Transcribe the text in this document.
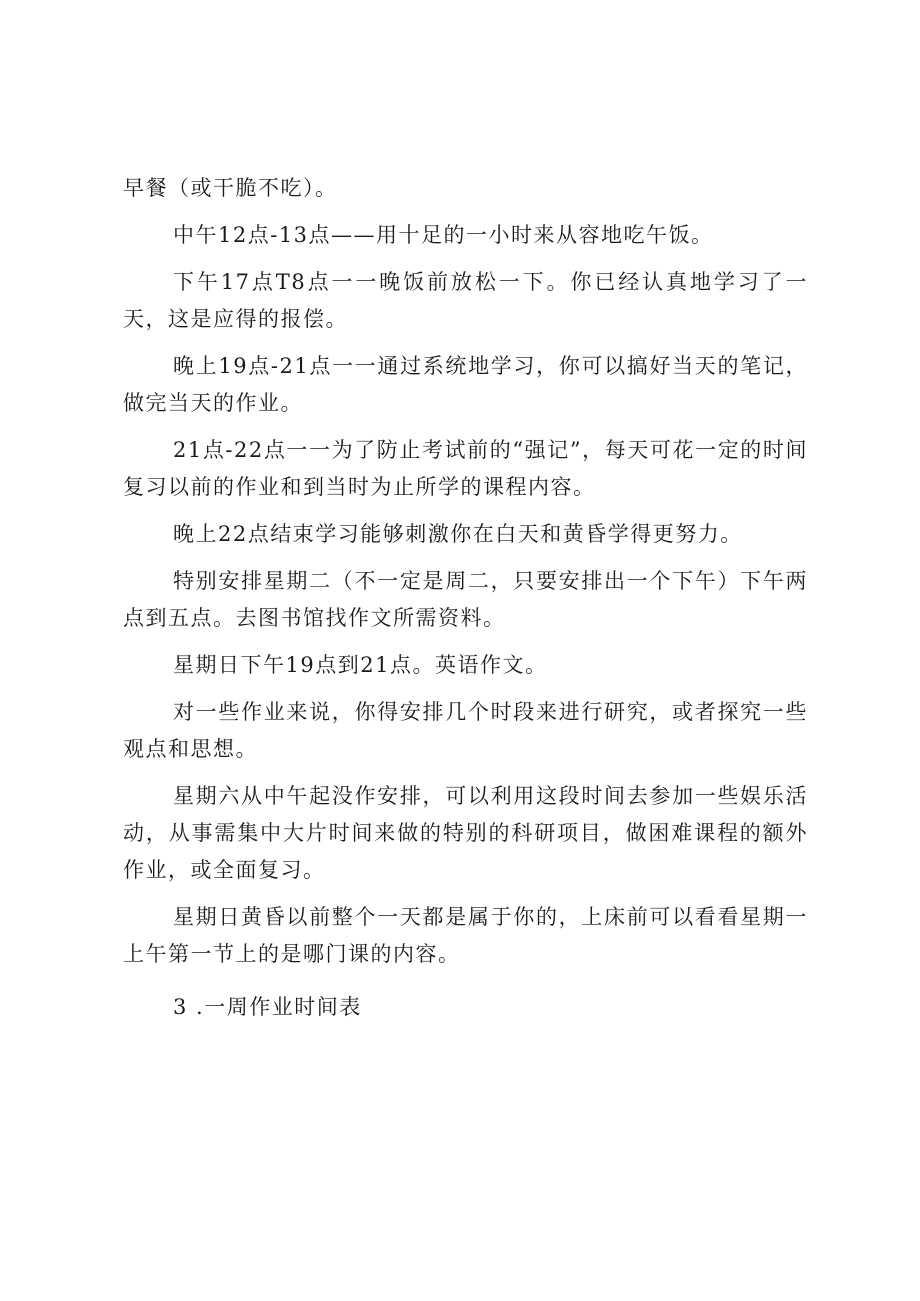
早餐（或干脆不吃）。

中午12点-13点——用十足的一小时来从容地吃午饭。

下午17点T8点一一晚饭前放松一下。你已经认真地学习了一天，这是应得的报偿。

晚上19点-21点一一通过系统地学习，你可以搞好当天的笔记，做完当天的作业。

21点-22点一一为了防止考试前的“强记”，每天可花一定的时间复习以前的作业和到当时为止所学的课程内容。

晚上22点结束学习能够刺激你在白天和黄昏学得更努力。

特别安排星期二（不一定是周二，只要安排出一个下午）下午两点到五点。去图书馆找作文所需资料。

星期日下午19点到21点。英语作文。

对一些作业来说，你得安排几个时段来进行研究，或者探究一些观点和思想。

星期六从中午起没作安排，可以利用这段时间去参加一些娱乐活动，从事需集中大片时间来做的特别的科研项目，做困难课程的额外作业，或全面复习。

星期日黄昏以前整个一天都是属于你的，上床前可以看看星期一上午第一节上的是哪门课的内容。

3 .一周作业时间表
